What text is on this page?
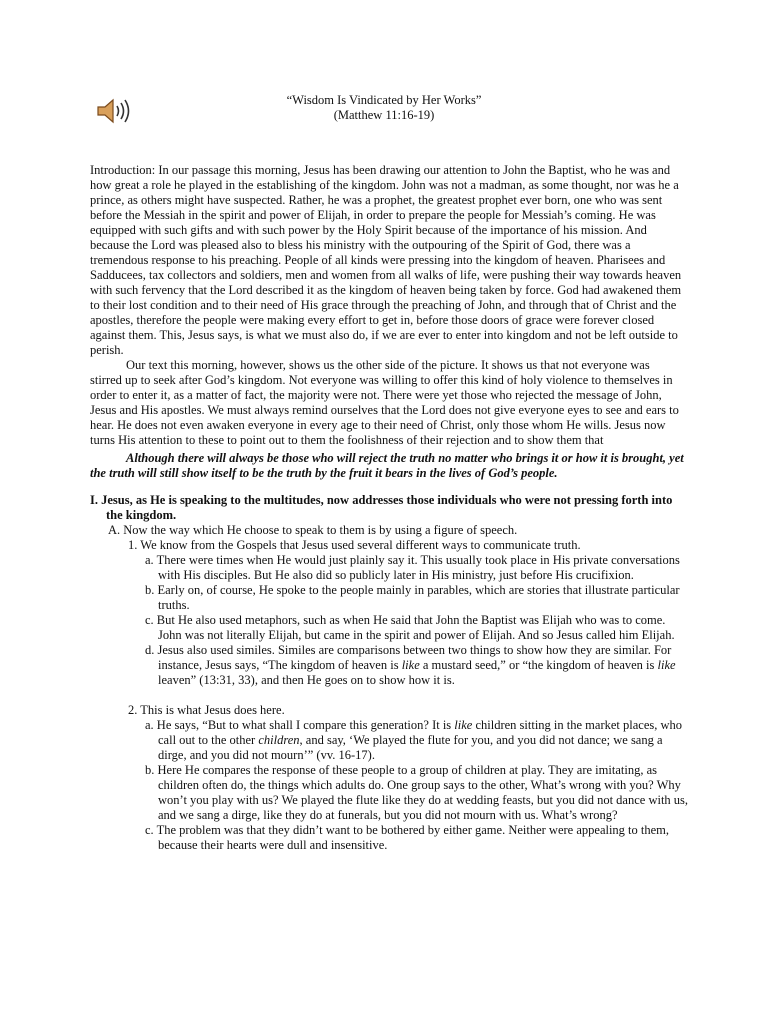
“Wisdom Is Vindicated by Her Works”
(Matthew 11:16-19)

Introduction: In our passage this morning, Jesus has been drawing our attention to John the Baptist, who he was and how great a role he played in the establishing of the kingdom. John was not a madman, as some thought, nor was he a prince, as others might have suspected. Rather, he was a prophet, the greatest prophet ever born, one who was sent before the Messiah in the spirit and power of Elijah, in order to prepare the people for Messiah’s coming. He was equipped with such gifts and with such power by the Holy Spirit because of the importance of his mission. And because the Lord was pleased also to bless his ministry with the outpouring of the Spirit of God, there was a tremendous response to his preaching. People of all kinds were pressing into the kingdom of heaven. Pharisees and Sadducees, tax collectors and soldiers, men and women from all walks of life, were pushing their way towards heaven with such fervency that the Lord described it as the kingdom of heaven being taken by force. God had awakened them to their lost condition and to their need of His grace through the preaching of John, and through that of Christ and the apostles, therefore the people were making every effort to get in, before those doors of grace were forever closed against them. This, Jesus says, is what we must also do, if we are ever to enter into kingdom and not be left outside to perish.

Our text this morning, however, shows us the other side of the picture. It shows us that not everyone was stirred up to seek after God’s kingdom. Not everyone was willing to offer this kind of holy violence to themselves in order to enter it, as a matter of fact, the majority were not. There were yet those who rejected the message of John, Jesus and His apostles. We must always remind ourselves that the Lord does not give everyone eyes to see and ears to hear. He does not even awaken everyone in every age to their need of Christ, only those whom He wills. Jesus now turns His attention to these to point out to them the foolishness of their rejection and to show them that

Although there will always be those who will reject the truth no matter who brings it or how it is brought, yet the truth will still show itself to be the truth by the fruit it bears in the lives of God’s people.

I. Jesus, as He is speaking to the multitudes, now addresses those individuals who were not pressing forth into the kingdom.

A. Now the way which He choose to speak to them is by using a figure of speech.

1. We know from the Gospels that Jesus used several different ways to communicate truth.

a. There were times when He would just plainly say it. This usually took place in His private conversations with His disciples. But He also did so publicly later in His ministry, just before His crucifixion.

b. Early on, of course, He spoke to the people mainly in parables, which are stories that illustrate particular truths.

c. But He also used metaphors, such as when He said that John the Baptist was Elijah who was to come. John was not literally Elijah, but came in the spirit and power of Elijah. And so Jesus called him Elijah.

d. Jesus also used similes. Similes are comparisons between two things to show how they are similar. For instance, Jesus says, “The kingdom of heaven is like a mustard seed,” or “the kingdom of heaven is like leaven” (13:31, 33), and then He goes on to show how it is.

2. This is what Jesus does here.

a. He says, “But to what shall I compare this generation? It is like children sitting in the market places, who call out to the other children, and say, ‘We played the flute for you, and you did not dance; we sang a dirge, and you did not mourn’” (vv. 16-17).

b. Here He compares the response of these people to a group of children at play. They are imitating, as children often do, the things which adults do. One group says to the other, What’s wrong with you? Why won’t you play with us? We played the flute like they do at wedding feasts, but you did not dance with us, and we sang a dirge, like they do at funerals, but you did not mourn with us. What’s wrong?

c. The problem was that they didn’t want to be bothered by either game. Neither were appealing to them, because their hearts were dull and insensitive.
